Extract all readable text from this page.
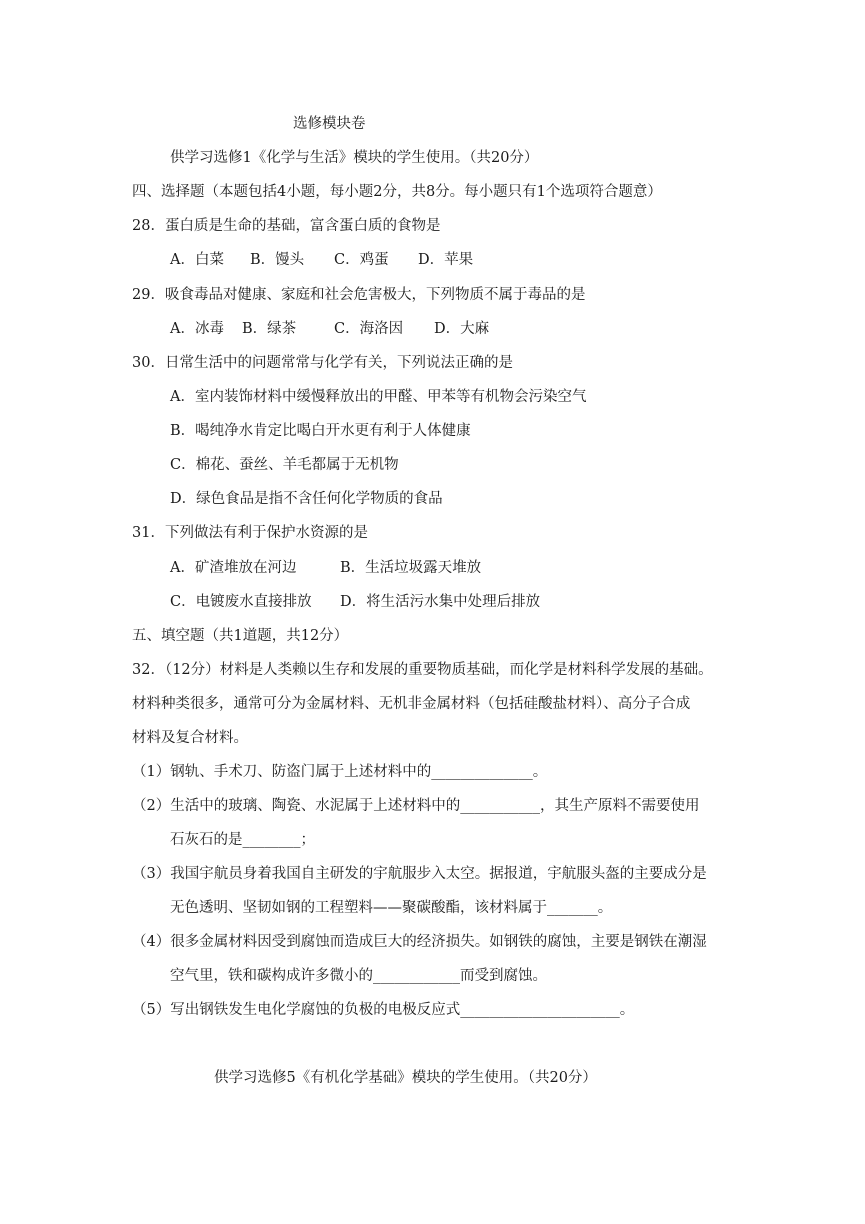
选修模块卷
供学习选修1《化学与生活》模块的学生使用。（共20分）
四、选择题（本题包括4小题，每小题2分，共8分。每小题只有1个选项符合题意）
28．蛋白质是生命的基础，富含蛋白质的食物是
A．白菜 B．馒头 C．鸡蛋 D．苹果
29．吸食毒品对健康、家庭和社会危害极大，下列物质不属于毒品的是
A．冰毒 B．绿茶	C．海洛因 D．大麻
30．日常生活中的问题常常与化学有关，下列说法正确的是
A．室内装饰材料中缓慢释放出的甲醛、甲苯等有机物会污染空气
B．喝纯净水肯定比喝白开水更有利于人体健康
C．棉花、蚕丝、羊毛都属于无机物
D．绿色食品是指不含任何化学物质的食品
31．下列做法有利于保护水资源的是
A．矿渣堆放在河边	B．生活垃圾露天堆放
C．电镀废水直接排放 D．将生活污水集中处理后排放
五、填空题（共1道题，共12分）
32．（12分）材料是人类赖以生存和发展的重要物质基础，而化学是材料科学发展的基础。
材料种类很多，通常可分为金属材料、无机非金属材料（包括硅酸盐材料）、高分子合成
材料及复合材料。
（1）钢轨、手术刀、防盗门属于上述材料中的______________。
（2）生活中的玻璃、陶瓷、水泥属于上述材料中的___________，其生产原料不需要使用
石灰石的是________；
（3）我国宇航员身着我国自主研发的宇航服步入太空。据报道，宇航服头盔的主要成分是
无色透明、坚韧如钢的工程塑料——聚碳酸酯，该材料属于_______。
（4）很多金属材料因受到腐蚀而造成巨大的经济损失。如钢铁的腐蚀，主要是钢铁在潮湿
空气里，铁和碳构成许多微小的____________而受到腐蚀。
（5）写出钢铁发生电化学腐蚀的负极的电极反应式______________________。
供学习选修5《有机化学基础》模块的学生使用。（共20分）
